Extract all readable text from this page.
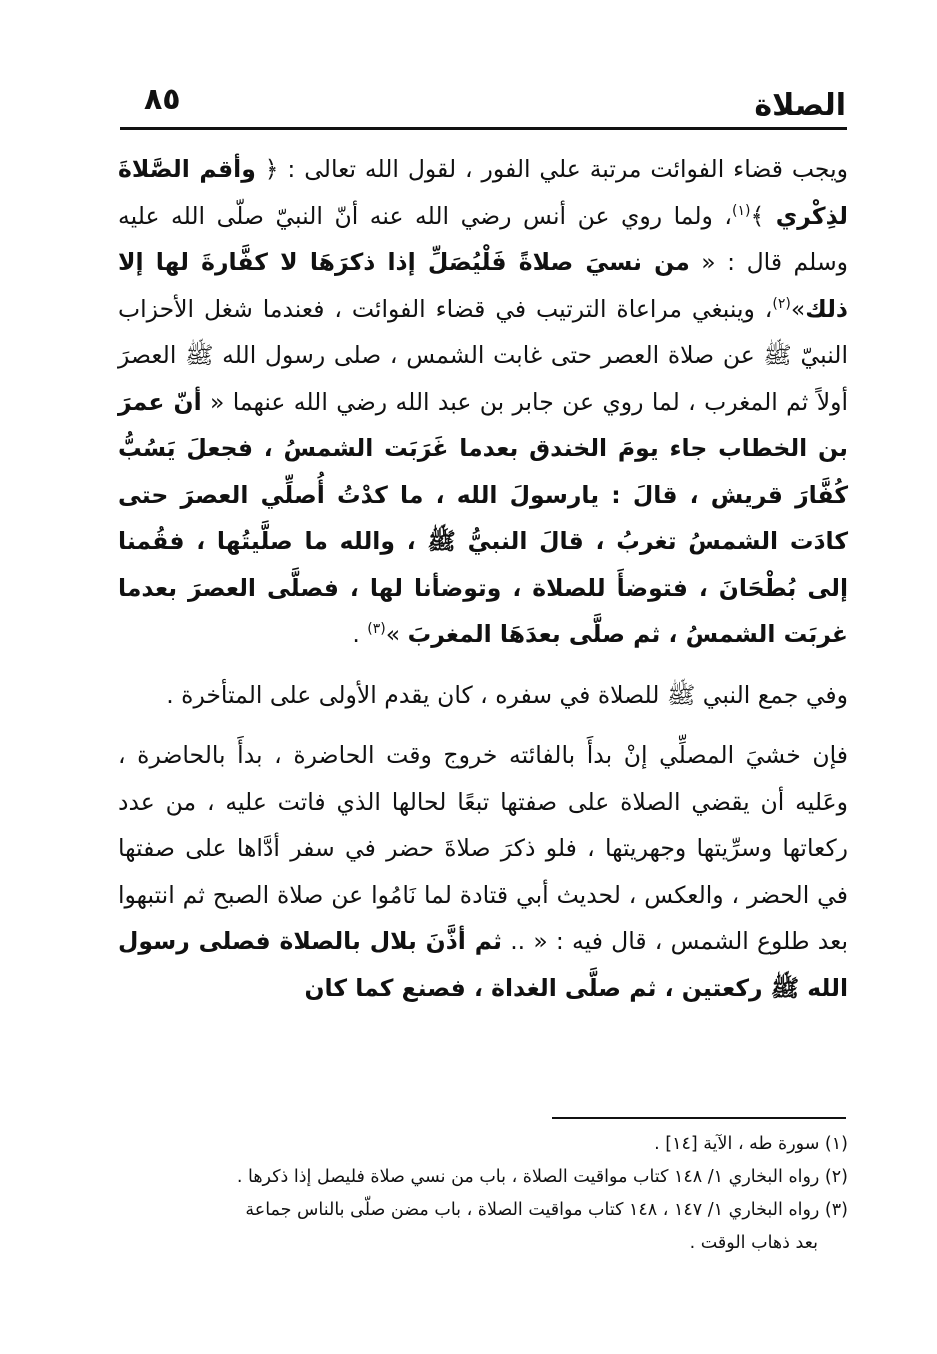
الصلاة
٨٥

ويجب قضاء الفوائت مرتبة علي الفور ، لقول الله تعالى : ﴿ وأقم الصَّلاةَ لذِكْري ﴾$^{(١)}$، ولما روي عن أنس رضي الله عنه أنّ النبيّ صلّى الله عليه وسلم قال : « من نسيَ صلاةً فَلْيُصَلِّ إذا ذكرَهَا لا كفَّارةَ لها إلا ذلك»$^{(٢)}$، وينبغي مراعاة الترتيب في قضاء الفوائت ، فعندما شغل الأحزاب النبيّ ﷺ عن صلاة العصر حتى غابت الشمس ، صلى رسول الله ﷺ العصرَ أولاً ثم المغرب ، لما روي عن جابر بن عبد الله رضي الله عنهما « أنّ عمرَ بن الخطاب جاء يومَ الخندق بعدما غَرَبَت الشمسُ ، فجعلَ يَسُبُّ كُفَّارَ قريش ، قالَ : يارسولَ الله ، ما كدْتُ أُصلِّي العصرَ حتى كادَت الشمسُ تغربُ ، قالَ النبيُّ ﷺ ، والله ما صلَّيتُها ، فقُمنا إلى بُطْحَانَ ، فتوضأَ للصلاة ، وتوضأنا لها ، فصلَّى العصرَ بعدما غربَت الشمسُ ، ثم صلَّى بعدَهَا المغربَ »$^{(٣)}$ .

وفي جمع النبي ﷺ للصلاة في سفره ، كان يقدم الأولى على المتأخرة .

فإن خشيَ المصلِّي إنْ بدأَ بالفائته خروج وقت الحاضرة ، بدأَ بالحاضرة ، وعَليه أن يقضي الصلاة على صفتها تبعًا لحالها الذي فاتت عليه ، من عدد ركعاتها وسرِّيتها وجهريتها ، فلو ذكرَ صلاةَ حضر في سفر أدَّاها على صفتها في الحضر ، والعكس ، لحديث أبي قتادة لما نَامُوا عن صلاة الصبح ثم انتبهوا بعد طلوع الشمس ، قال فيه : « .. ثم أذَّنَ بلال بالصلاة فصلى رسول الله ﷺ ركعتين ، ثم صلَّى الغداة ، فصنع كما كان

(١) سورة طه ، الآية [١٤] .

(٢) رواه البخاري ١/ ١٤٨ كتاب مواقيت الصلاة ، باب من نسي صلاة فليصل إذا ذكرها .

(٣) رواه البخاري ١/ ١٤٧ ، ١٤٨ كتاب مواقيت الصلاة ، باب مضن صلّى بالناس جماعة

بعد ذهاب الوقت .
